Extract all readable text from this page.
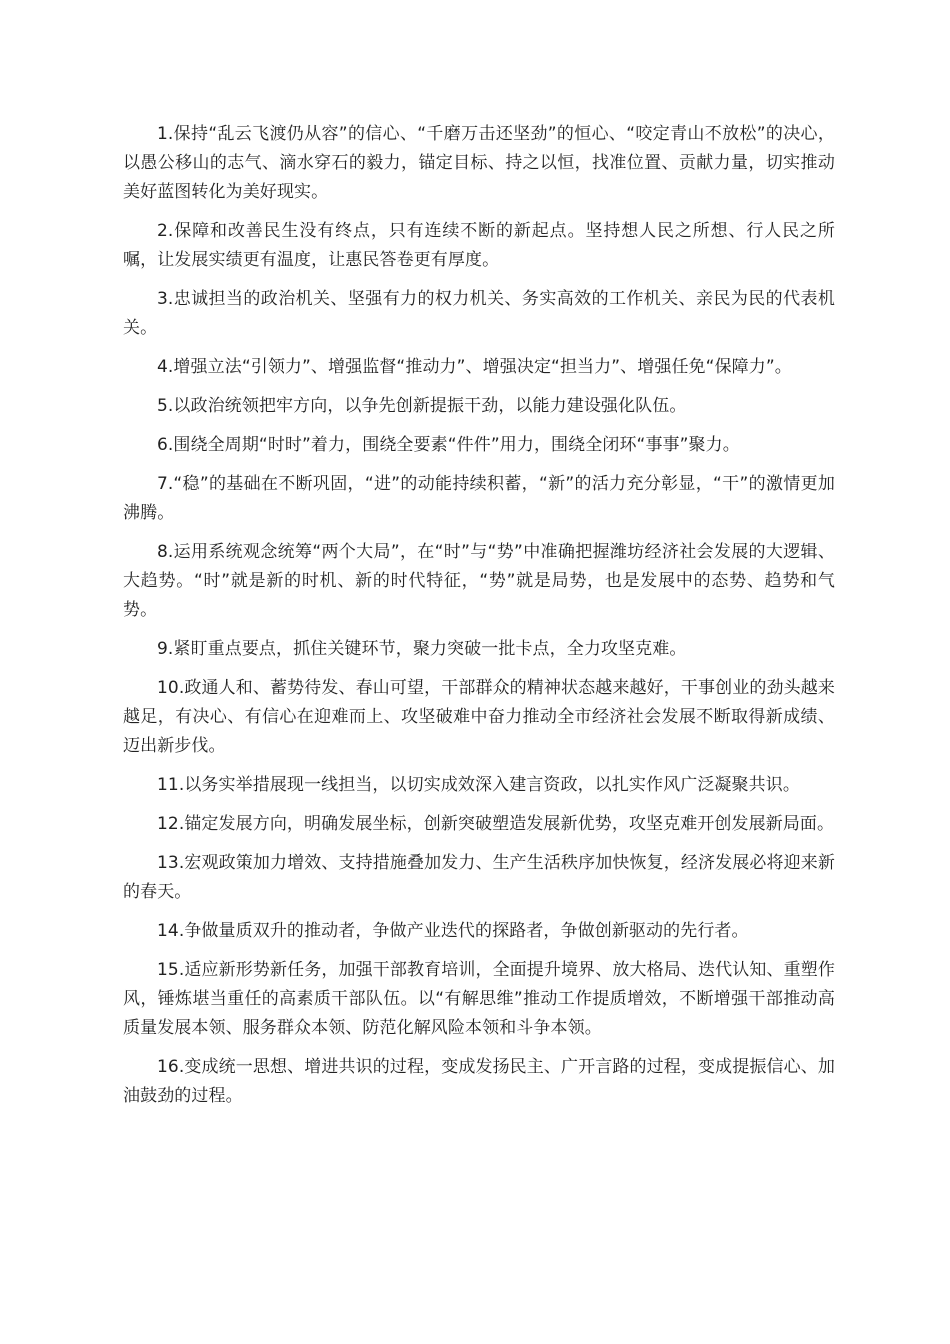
1.保持“乱云飞渡仍从容”的信心、“千磨万击还坚劲”的恒心、“咬定青山不放松”的决心，以愚公移山的志气、滴水穿石的毅力，锚定目标、持之以恒，找准位置、贡献力量，切实推动美好蓝图转化为美好现实。

2.保障和改善民生没有终点，只有连续不断的新起点。坚持想人民之所想、行人民之所嘱，让发展实绩更有温度，让惠民答卷更有厚度。

3.忠诚担当的政治机关、坚强有力的权力机关、务实高效的工作机关、亲民为民的代表机关。

4.增强立法“引领力”、增强监督“推动力”、增强决定“担当力”、增强任免“保障力”。

5.以政治统领把牢方向，以争先创新提振干劲，以能力建设强化队伍。

6.围绕全周期“时时”着力，围绕全要素“件件”用力，围绕全闭环“事事”聚力。

7.“稳”的基础在不断巩固，“进”的动能持续积蓄，“新”的活力充分彰显，“干”的激情更加沸腾。

8.运用系统观念统筹“两个大局”，在“时”与“势”中准确把握潍坊经济社会发展的大逻辑、大趋势。“时”就是新的时机、新的时代特征，“势”就是局势，也是发展中的态势、趋势和气势。

9.紧盯重点要点，抓住关键环节，聚力突破一批卡点，全力攻坚克难。

10.政通人和、蓄势待发、春山可望，干部群众的精神状态越来越好，干事创业的劲头越来越足，有决心、有信心在迎难而上、攻坚破难中奋力推动全市经济社会发展不断取得新成绩、迈出新步伐。

11.以务实举措展现一线担当，以切实成效深入建言资政，以扎实作风广泛凝聚共识。

12.锚定发展方向，明确发展坐标，创新突破塑造发展新优势，攻坚克难开创发展新局面。

13.宏观政策加力增效、支持措施叠加发力、生产生活秩序加快恢复，经济发展必将迎来新的春天。

14.争做量质双升的推动者，争做产业迭代的探路者，争做创新驱动的先行者。

15.适应新形势新任务，加强干部教育培训，全面提升境界、放大格局、迭代认知、重塑作风，锤炼堪当重任的高素质干部队伍。以“有解思维”推动工作提质增效，不断增强干部推动高质量发展本领、服务群众本领、防范化解风险本领和斗争本领。

16.变成统一思想、增进共识的过程，变成发扬民主、广开言路的过程，变成提振信心、加油鼓劲的过程。
